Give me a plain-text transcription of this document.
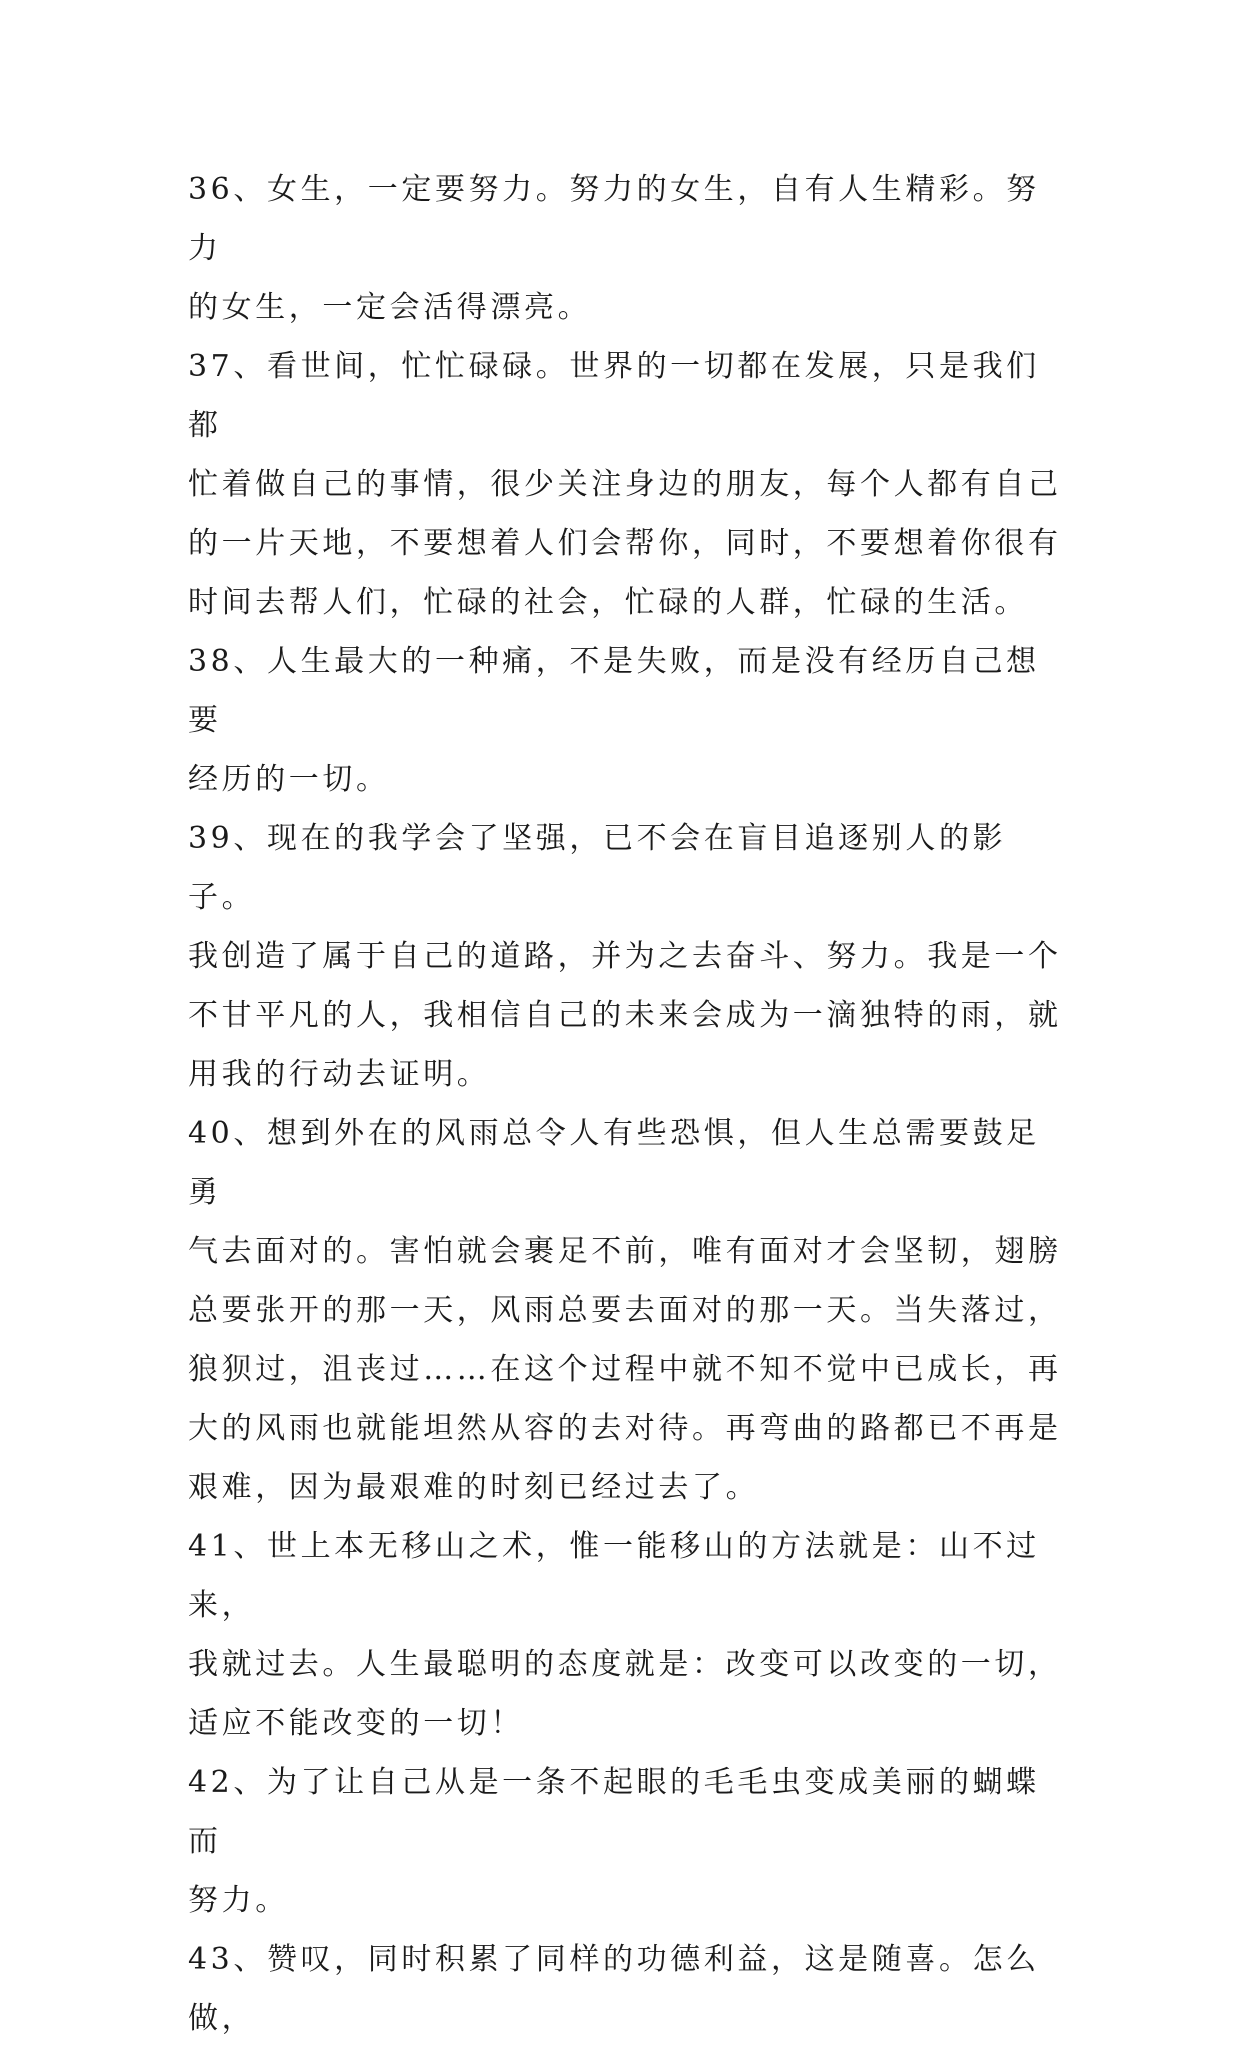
36、女生，一定要努力。努力的女生，自有人生精彩。努力
的女生，一定会活得漂亮。

37、看世间，忙忙碌碌。世界的一切都在发展，只是我们都
忙着做自己的事情，很少关注身边的朋友，每个人都有自己
的一片天地，不要想着人们会帮你，同时，不要想着你很有
时间去帮人们，忙碌的社会，忙碌的人群，忙碌的生活。

38、人生最大的一种痛，不是失败，而是没有经历自己想要
经历的一切。

39、现在的我学会了坚强，已不会在盲目追逐别人的影子。
我创造了属于自己的道路，并为之去奋斗、努力。我是一个
不甘平凡的人，我相信自己的未来会成为一滴独特的雨，就
用我的行动去证明。

40、想到外在的风雨总令人有些恐惧，但人生总需要鼓足勇
气去面对的。害怕就会裹足不前，唯有面对才会坚韧，翅膀
总要张开的那一天，风雨总要去面对的那一天。当失落过，
狼狈过，沮丧过……在这个过程中就不知不觉中已成长，再
大的风雨也就能坦然从容的去对待。再弯曲的路都已不再是
艰难，因为最艰难的时刻已经过去了。

41、世上本无移山之术，惟一能移山的方法就是：山不过来，
我就过去。人生最聪明的态度就是：改变可以改变的一切，
适应不能改变的一切！

42、为了让自己从是一条不起眼的毛毛虫变成美丽的蝴蝶而
努力。

43、赞叹，同时积累了同样的功德利益，这是随喜。怎么做，
